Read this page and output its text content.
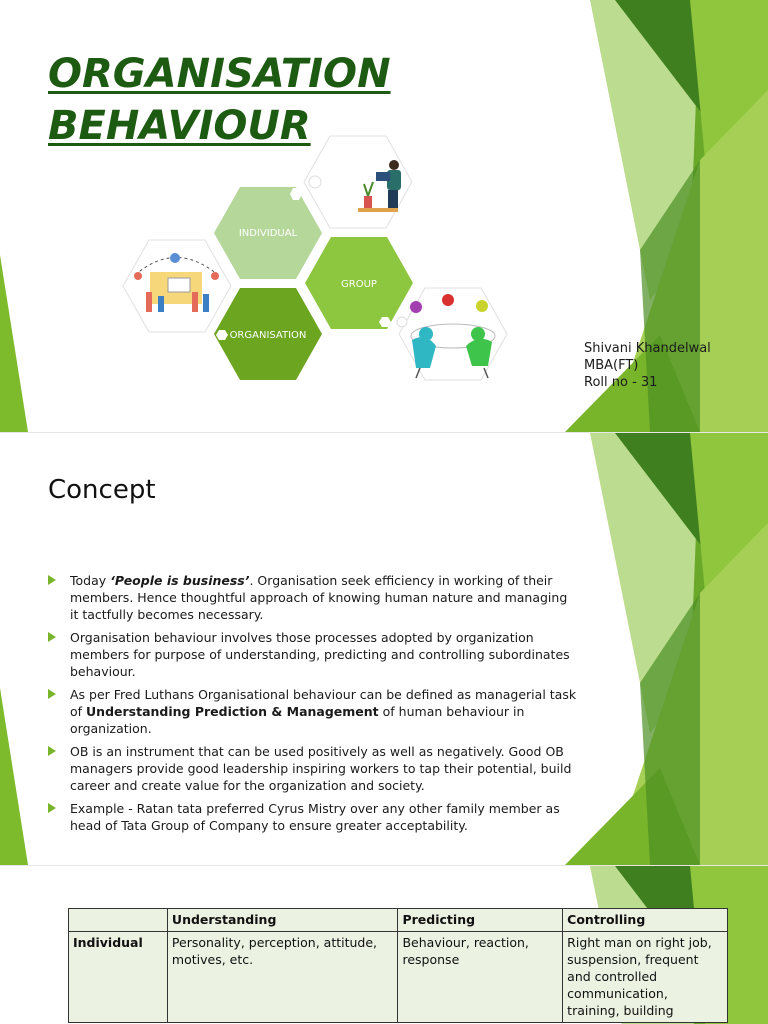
ORGANISATION
BEHAVIOUR
INDIVIDUAL
GROUP
ORGANISATION
Shivani Khandelwal
MBA(FT)
Roll no - 31
Concept
Today ‘People is business’. Organisation seek efficiency in working of their members. Hence thoughtful approach of knowing human nature and managing it tactfully becomes necessary.
Organisation behaviour involves those processes adopted by organization members for purpose of understanding, predicting and controlling subordinates behaviour.
As per Fred Luthans Organisational behaviour can be defined as managerial task of Understanding Prediction & Management of human behaviour in organization.
OB is an instrument that can be used positively as well as negatively. Good OB managers provide good leadership inspiring workers to tap their potential, build career and create value for the organization and society.
Example - Ratan tata preferred Cyrus Mistry over any other family member as head of Tata Group of Company to ensure greater acceptability.
	Understanding	Predicting	Controlling
Individual	Personality, perception, attitude, motives, etc.	Behaviour, reaction, response	Right man on right job, suspension, frequent and controlled communication, training, building
